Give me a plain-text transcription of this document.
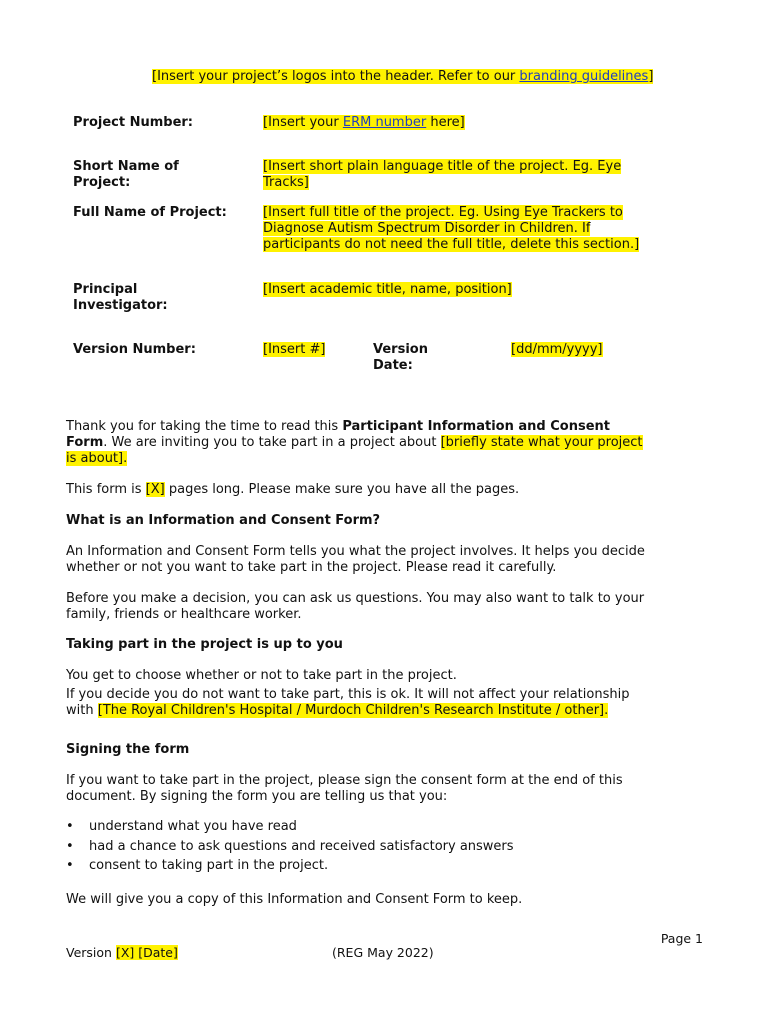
[Insert your project’s logos into the header. Refer to our branding guidelines]
Project Number:	[Insert your ERM number here]
Short Name of
Project:
[Insert short plain language title of the project. Eg. Eye
Tracks]
Full Name of Project:	[Insert full title of the project. Eg. Using Eye Trackers to
Diagnose Autism Spectrum Disorder in Children. If
participants do not need the full title, delete this section.]
Principal
Investigator:
[Insert academic title, name, position]
Version Number:	[Insert #]	Version
Date:
[dd/mm/yyyy]
Thank you for taking the time to read this Participant Information and Consent
Form. We are inviting you to take part in a project about [briefly state what your project
is about].
This form is [X] pages long. Please make sure you have all the pages.
What is an Information and Consent Form?
An Information and Consent Form tells you what the project involves. It helps you decide
whether or not you want to take part in the project. Please read it carefully.
Before you make a decision, you can ask us questions. You may also want to talk to your
family, friends or healthcare worker.
Taking part in the project is up to you
You get to choose whether or not to take part in the project.
If you decide you do not want to take part, this is ok. It will not affect your relationship
with [The Royal Children's Hospital / Murdoch Children's Research Institute / other].
Signing the form
If you want to take part in the project, please sign the consent form at the end of this
document. By signing the form you are telling us that you:
• understand what you have read
• had a chance to ask questions and received satisfactory answers
• consent to taking part in the project.
We will give you a copy of this Information and Consent Form to keep.
Page 1
Version [X] [Date]	(REG May 2022)
